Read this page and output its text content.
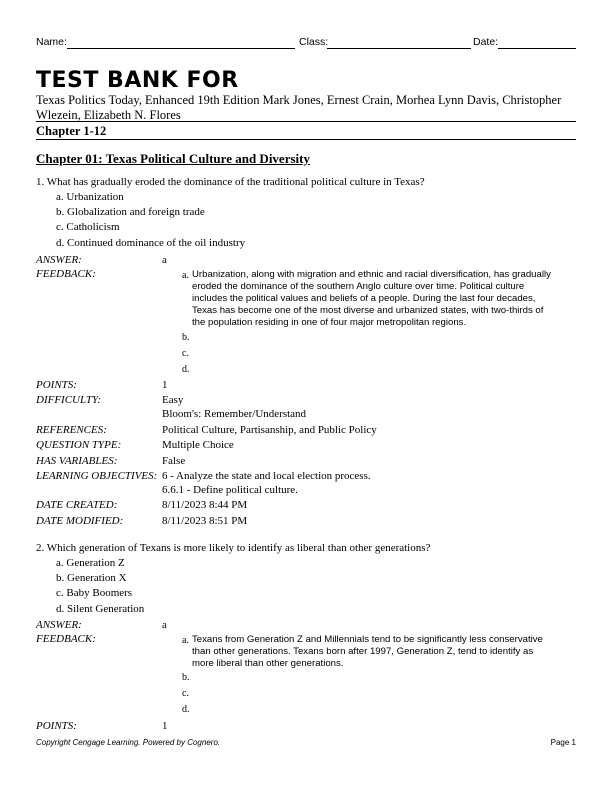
Name:	Class:	Date:
TEST BANK FOR
Texas Politics Today, Enhanced 19th Edition Mark Jones, Ernest Crain, Morhea Lynn Davis, Christopher Wlezein, Elizabeth N. Flores
Chapter 1-12
Chapter 01: Texas Political Culture and Diversity
1. What has gradually eroded the dominance of the traditional political culture in Texas?
a. Urbanization
b. Globalization and foreign trade
c. Catholicism
d. Continued dominance of the oil industry
ANSWER:	a
FEEDBACK:	a. Urbanization, along with migration and ethnic and racial diversification, has gradually eroded the dominance of the southern Anglo culture over time. Political culture includes the political values and beliefs of a people. During the last four decades, Texas has become one of the most diverse and urbanized states, with two-thirds of the population residing in one of four major metropolitan regions.
b.
c.
d.
POINTS:	1
DIFFICULTY:	Easy
Bloom's: Remember/Understand
REFERENCES:	Political Culture, Partisanship, and Public Policy
QUESTION TYPE:	Multiple Choice
HAS VARIABLES:	False
LEARNING OBJECTIVES: 6 - Analyze the state and local election process.
6.6.1 - Define political culture.
DATE CREATED:	8/11/2023 8:44 PM
DATE MODIFIED:	8/11/2023 8:51 PM
2. Which generation of Texans is more likely to identify as liberal than other generations?
a. Generation Z
b. Generation X
c. Baby Boomers
d. Silent Generation
ANSWER:	a
FEEDBACK:	a. Texans from Generation Z and Millennials tend to be significantly less conservative than other generations. Texans born after 1997, Generation Z, tend to identify as more liberal than other generations.
b.
c.
d.
POINTS:	1
Copyright Cengage Learning. Powered by Cognero.	Page 1
